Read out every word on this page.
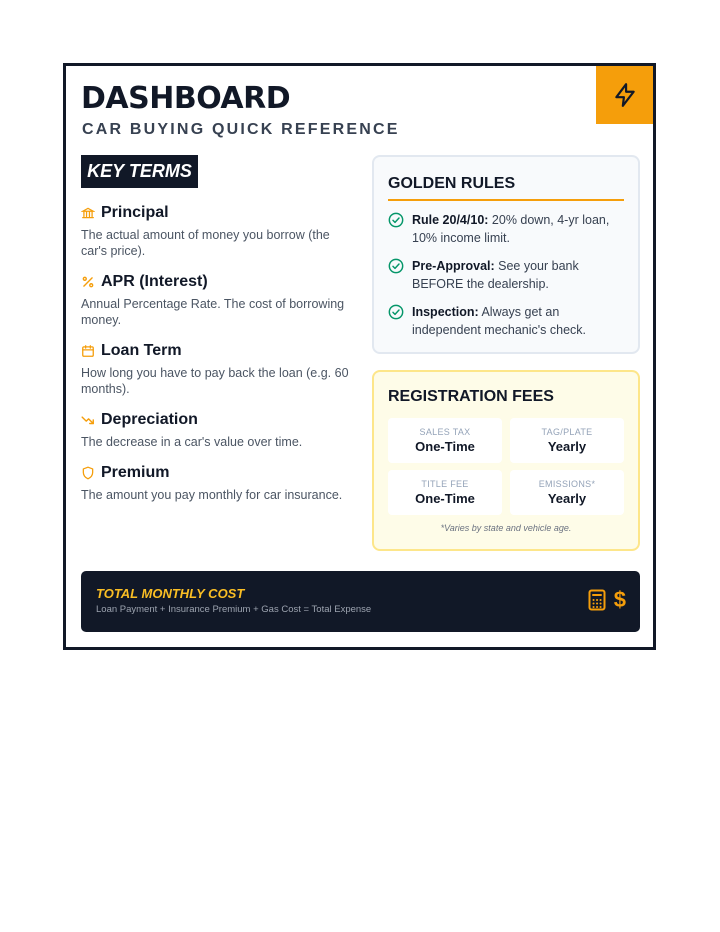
DASHBOARD
CAR BUYING QUICK REFERENCE
KEY TERMS
Principal
The actual amount of money you borrow (the car's price).
APR (Interest)
Annual Percentage Rate. The cost of borrowing money.
Loan Term
How long you have to pay back the loan (e.g. 60 months).
Depreciation
The decrease in a car's value over time.
Premium
The amount you pay monthly for car insurance.
GOLDEN RULES
Rule 20/4/10: 20% down, 4-yr loan, 10% income limit.
Pre-Approval: See your bank BEFORE the dealership.
Inspection: Always get an independent mechanic's check.
REGISTRATION FEES
SALES TAX
One-Time
TAG/PLATE
Yearly
TITLE FEE
One-Time
EMISSIONS*
Yearly
*Varies by state and vehicle age.
TOTAL MONTHLY COST
Loan Payment + Insurance Premium + Gas Cost = Total Expense	$
